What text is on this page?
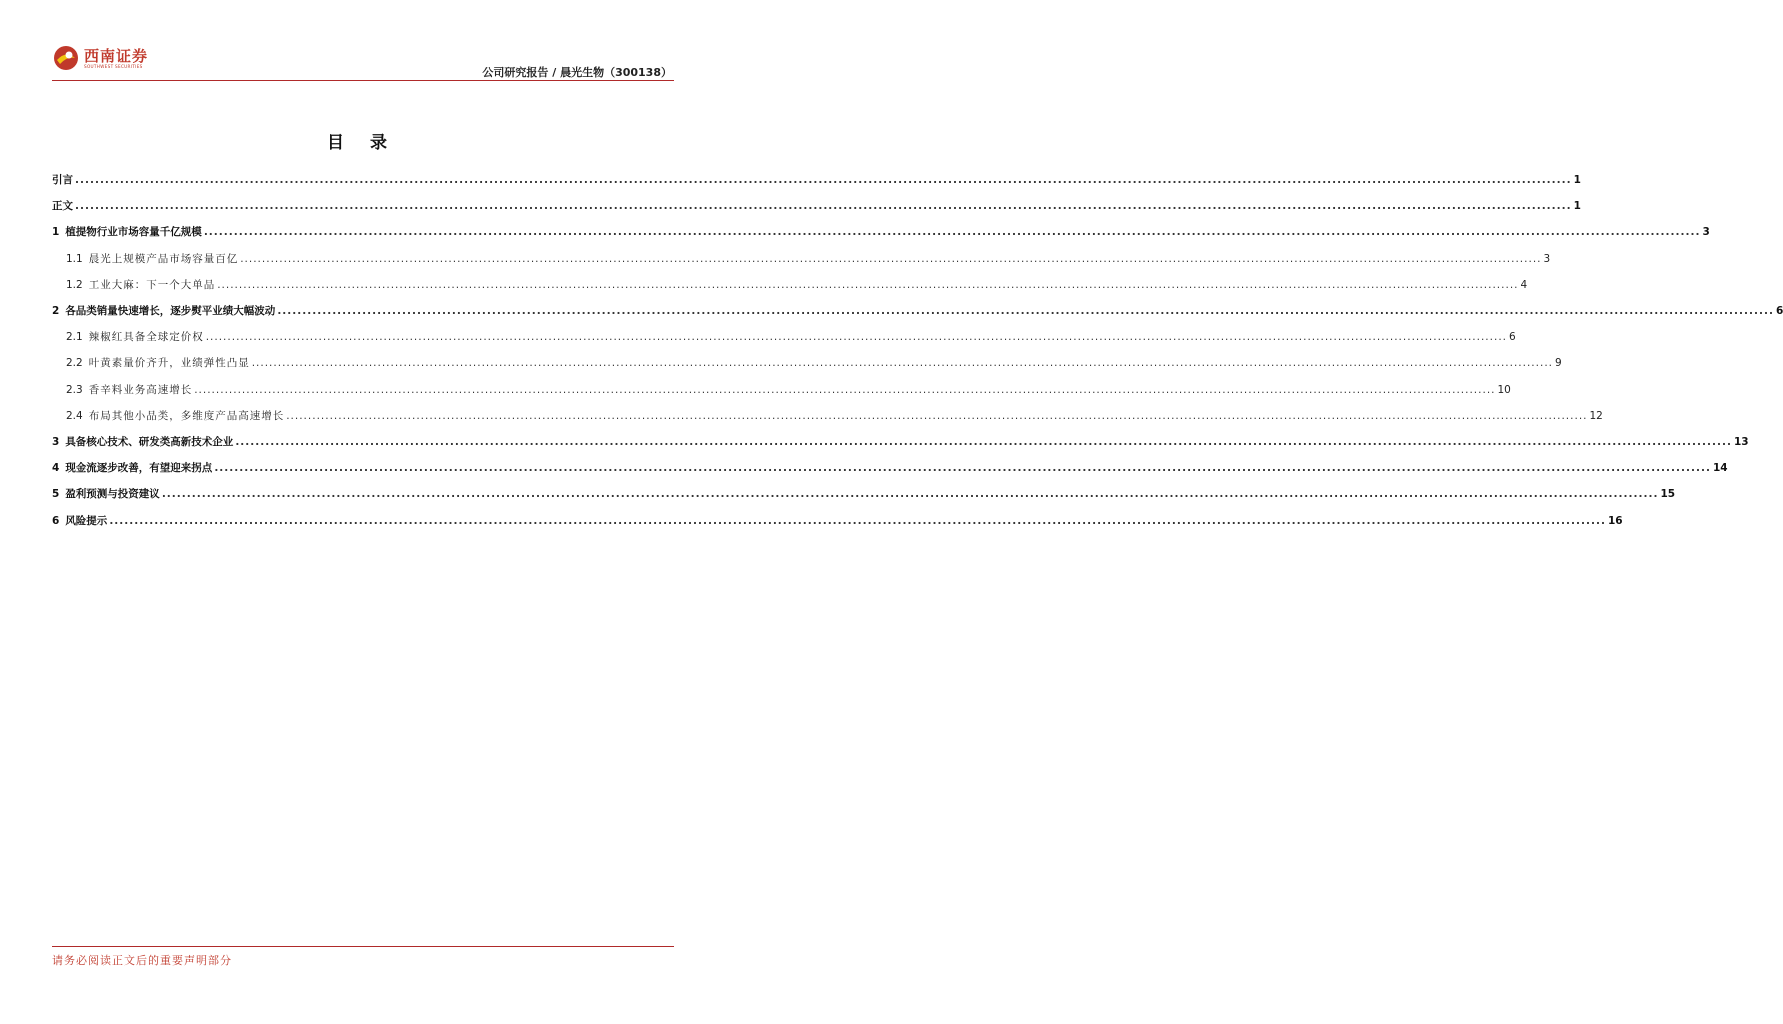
西南证券
SOUTHWEST SECURITIES	公司研究报告 / 晨光生物（300138）
目 录
引言 ............................................................................................................................................................................................................................................................................................................ 1
正文 ............................................................................................................................................................................................................................................................................................................ 1
1 植提物行业市场容量千亿规模 ............................................................................................................................................................................................................................................................................................................ 3
1.1 晨光上规模产品市场容量百亿 ............................................................................................................................................................................................................................................................................................................ 3
1.2 工业大麻：下一个大单品 ............................................................................................................................................................................................................................................................................................................ 4
2 各品类销量快速增长，逐步熨平业绩大幅波动 ............................................................................................................................................................................................................................................................................................................ 6
2.1 辣椒红具备全球定价权 ............................................................................................................................................................................................................................................................................................................ 6
2.2 叶黄素量价齐升，业绩弹性凸显 ............................................................................................................................................................................................................................................................................................................ 9
2.3 香辛料业务高速增长 ............................................................................................................................................................................................................................................................................................................ 10
2.4 布局其他小品类，多维度产品高速增长 ............................................................................................................................................................................................................................................................................................................ 12
3 具备核心技术、研发类高新技术企业 ............................................................................................................................................................................................................................................................................................................ 13
4 现金流逐步改善，有望迎来拐点 ............................................................................................................................................................................................................................................................................................................ 14
5 盈利预测与投资建议 ............................................................................................................................................................................................................................................................................................................ 15
6 风险提示 ............................................................................................................................................................................................................................................................................................................ 16
请务必阅读正文后的重要声明部分
